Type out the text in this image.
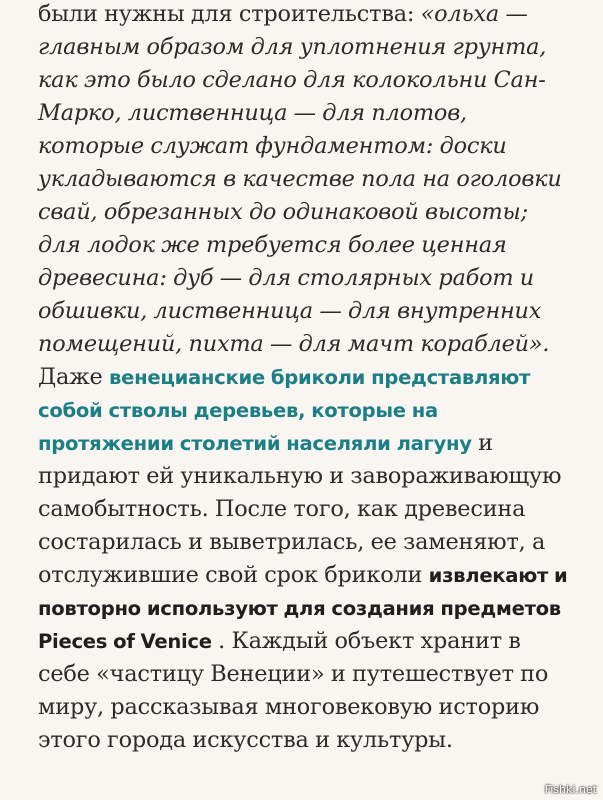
были нужны для строительства: «ольха — главным образом для уплотнения грунта, как это было сделано для колокольни Сан-Марко, лиственница — для плотов, которые служат фундаментом: доски укладываются в качестве пола на оголовки свай, обрезанных до одинаковой высоты; для лодок же требуется более ценная древесина: дуб — для столярных работ и обшивки, лиственница — для внутренних помещений, пихта — для мачт кораблей».

Даже венецианские бриколи представляют собой стволы деревьев, которые на протяжении столетий населяли лагуну и придают ей уникальную и завораживающую самобытность. После того, как древесина состарилась и выветрилась, ее заменяют, а отслужившие свой срок бриколи извлекают и повторно используют для создания предметов Pieces of Venice . Каждый объект хранит в себе «частицу Венеции» и путешествует по миру, рассказывая многовековую историю этого города искусства и культуры.

Fishki.net
